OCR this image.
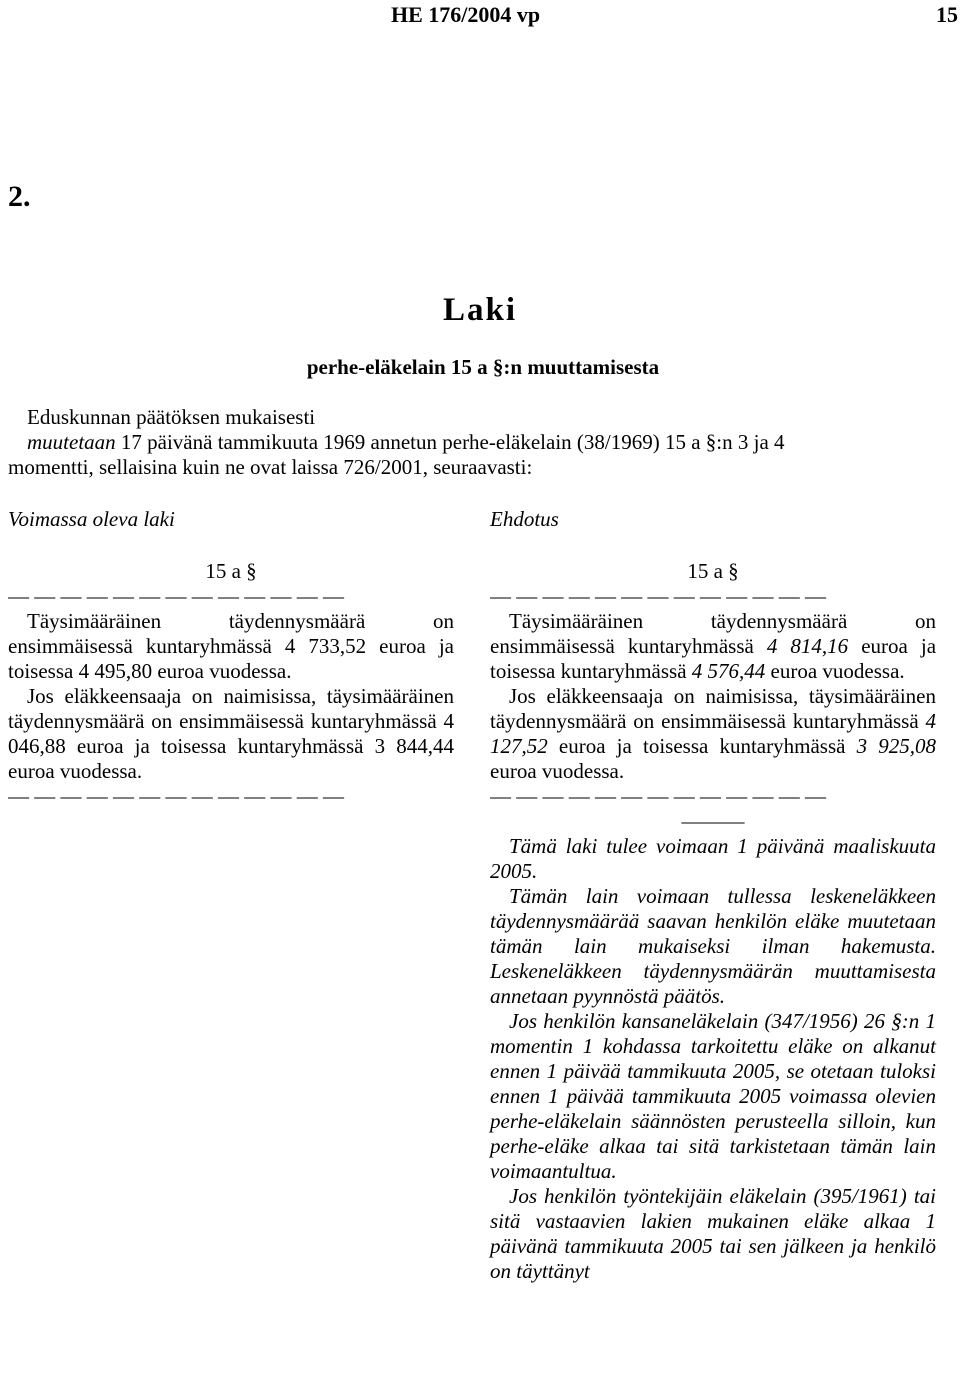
HE 176/2004 vp	15
2.
Laki
perhe-eläkelain 15 a §:n muuttamisesta
Eduskunnan päätöksen mukaisesti
muutetaan 17 päivänä tammikuuta 1969 annetun perhe-eläkelain (38/1969) 15 a §:n 3 ja 4
momentti, sellaisina kuin ne ovat laissa 726/2001, seuraavasti:
Voimassa oleva laki
15 a §
— — — — — — — — — — — — —

Täysimääräinen täydennysmäärä on ensimmäisessä kuntaryhmässä 4 733,52 euroa ja toisessa 4 495,80 euroa vuodessa.

Jos eläkkeensaaja on naimisissa, täysimääräinen täydennysmäärä on ensimmäisessä kuntaryhmässä 4 046,88 euroa ja toisessa kuntaryhmässä 3 844,44 euroa vuodessa.

— — — — — — — — — — — — —
Ehdotus
15 a §
— — — — — — — — — — — — —

Täysimääräinen täydennysmäärä on ensimmäisessä kuntaryhmässä 4 814,16 euroa ja toisessa kuntaryhmässä 4 576,44 euroa vuodessa.

Jos eläkkeensaaja on naimisissa, täysimääräinen täydennysmäärä on ensimmäisessä kuntaryhmässä 4 127,52 euroa ja toisessa kuntaryhmässä 3 925,08 euroa vuodessa.

— — — — — — — — — — — — —
———

Tämä laki tulee voimaan 1 päivänä maaliskuuta 2005.

Tämän lain voimaan tullessa leskeneläkkeen täydennysmäärää saavan henkilön eläke muutetaan tämän lain mukaiseksi ilman hakemusta. Leskeneläkkeen täydennysmäärän muuttamisesta annetaan pyynnöstä päätös.

Jos henkilön kansaneläkelain (347/1956) 26 §:n 1 momentin 1 kohdassa tarkoitettu eläke on alkanut ennen 1 päivää tammikuuta 2005, se otetaan tuloksi ennen 1 päivää tammikuuta 2005 voimassa olevien perhe-eläkelain säännösten perusteella silloin, kun perhe-eläke alkaa tai sitä tarkistetaan tämän lain voimaantultua.

Jos henkilön työntekijäin eläkelain (395/1961) tai sitä vastaavien lakien mukainen eläke alkaa 1 päivänä tammikuuta 2005 tai sen jälkeen ja henkilö on täyttänyt
